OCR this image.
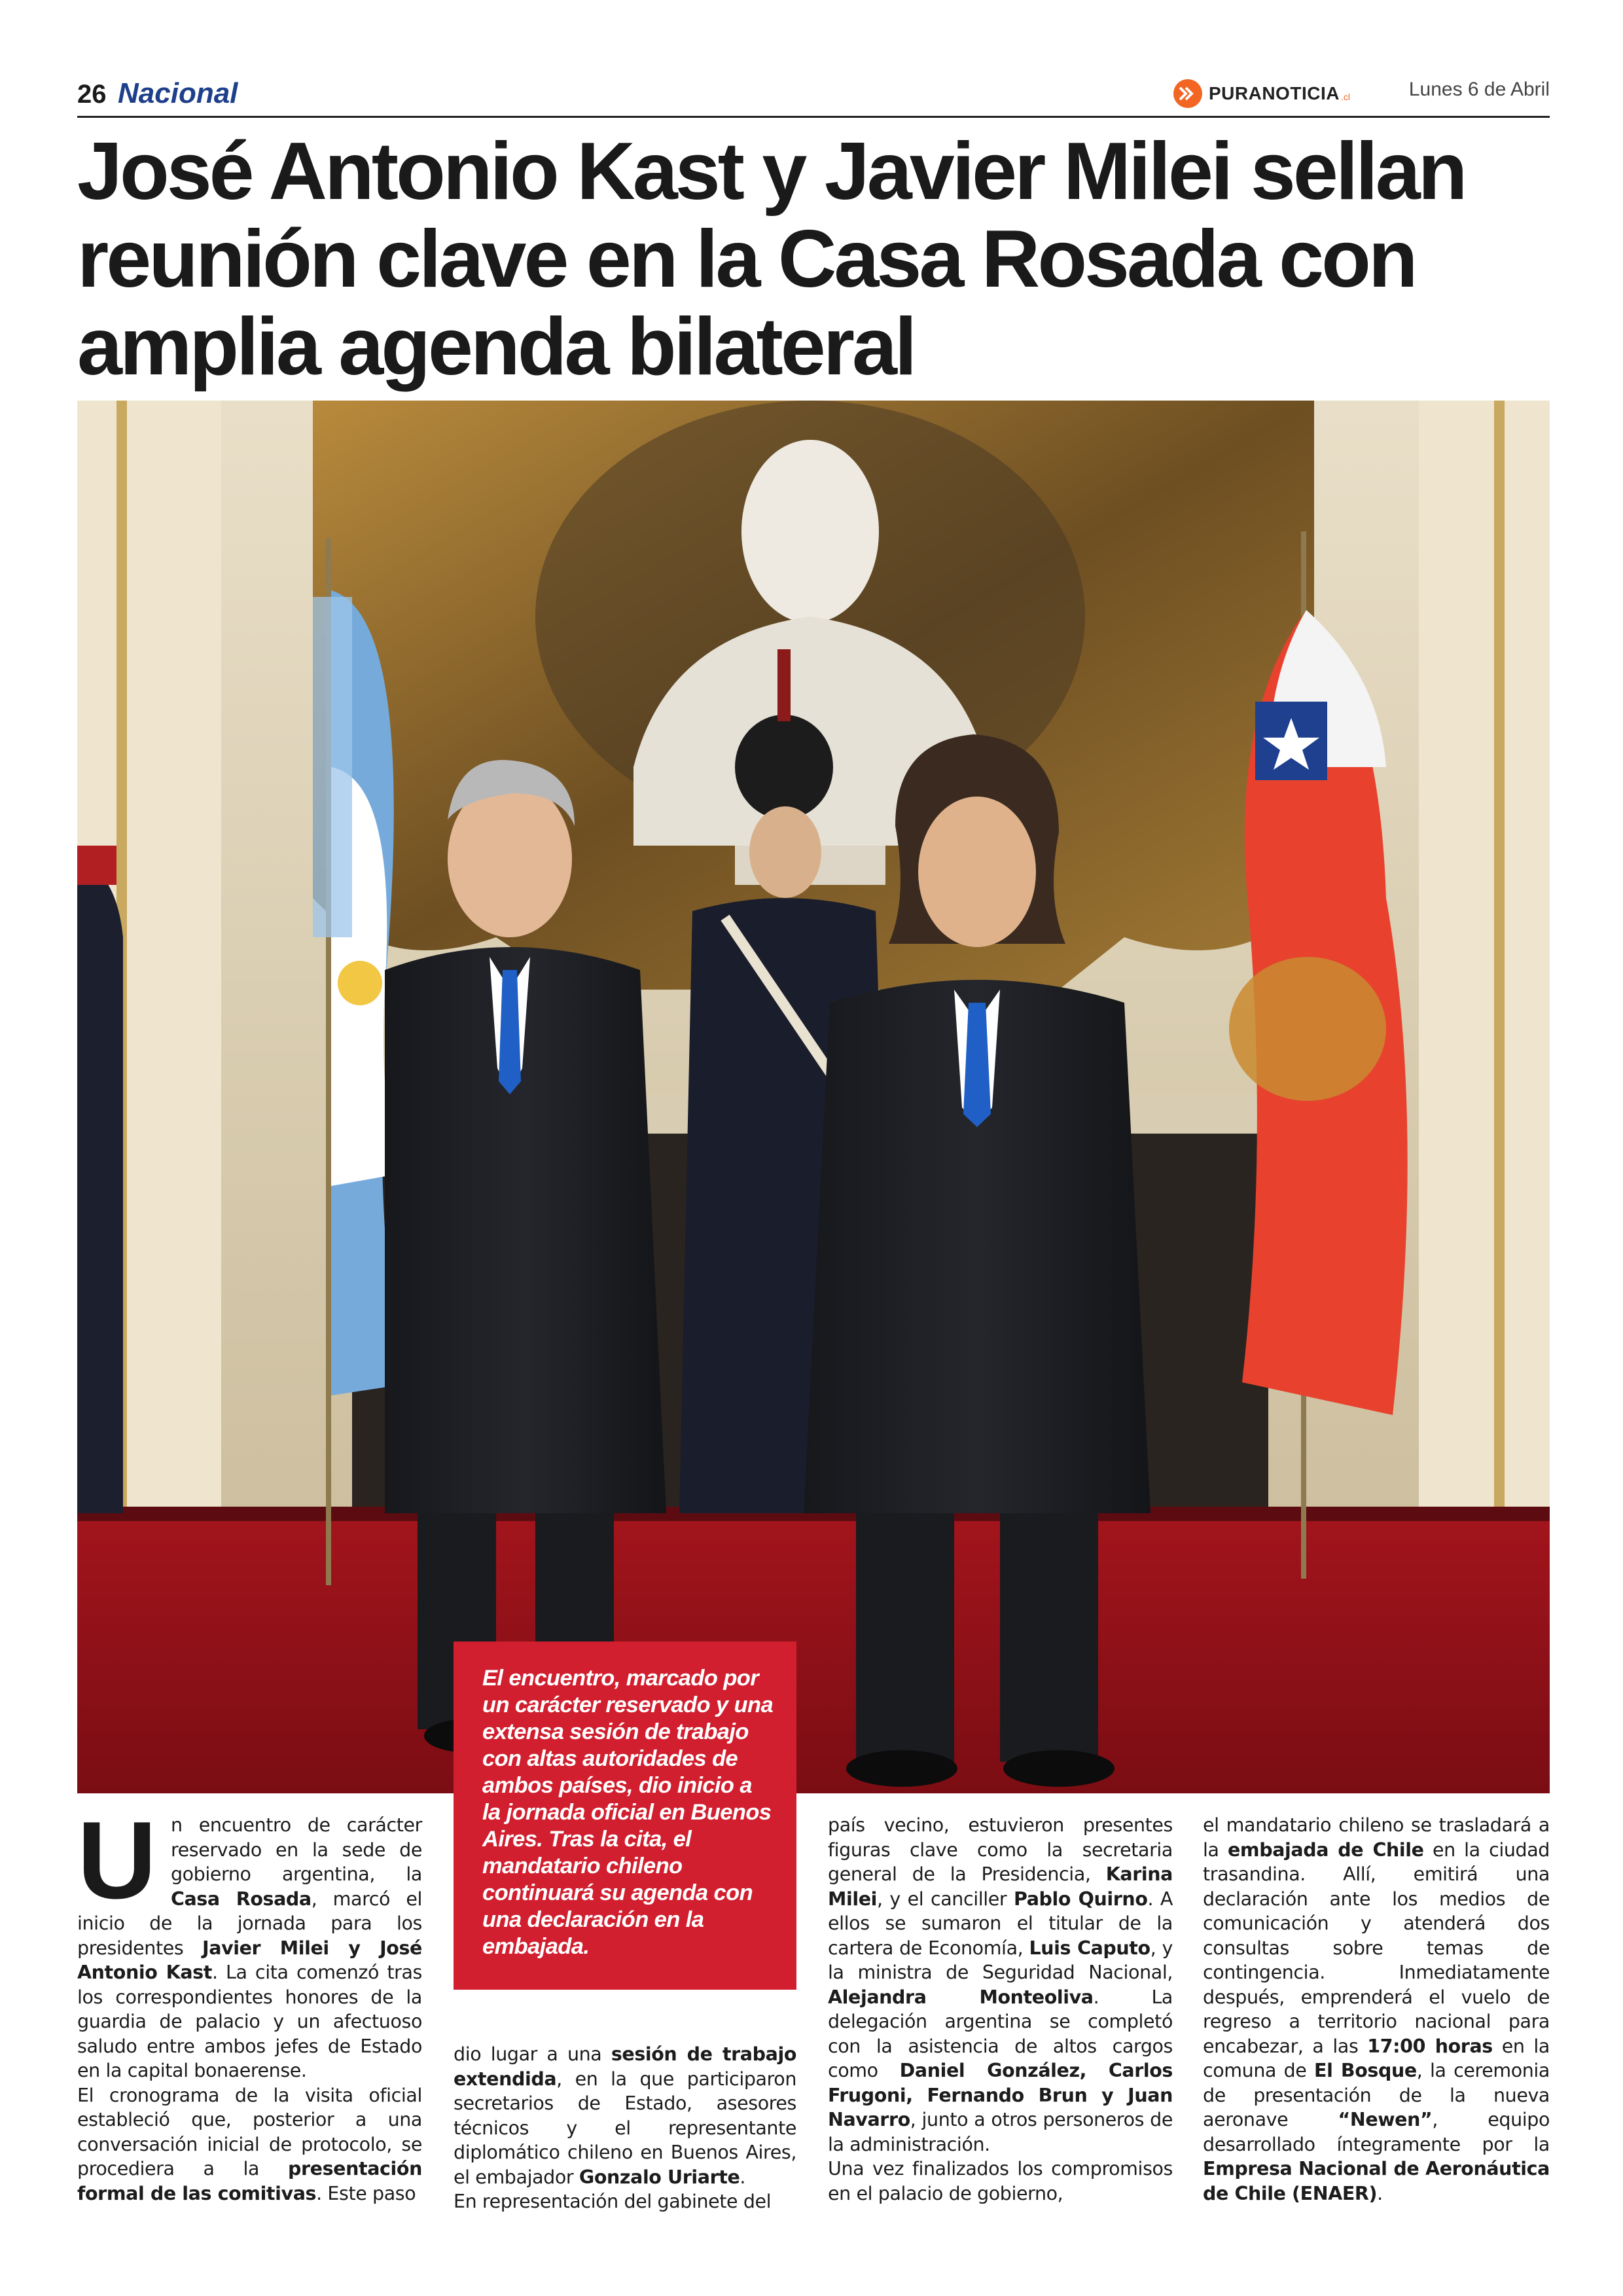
26 Nacional	PURANOTICIA .cl	Lunes 6 de Abril
José Antonio Kast y Javier Milei sellan reunión clave en la Casa Rosada con amplia agenda bilateral

El encuentro, marcado por un carácter reservado y una extensa sesión de trabajo con altas autoridades de ambos países, dio inicio a la jornada oficial en Buenos Aires. Tras la cita, el mandatario chileno continuará su agenda con una declaración en la embajada.

U n encuentro de carácter reservado en la sede de gobierno argentina, la Casa Rosada, marcó el inicio de la jornada para los presidentes Javier Milei y José Antonio Kast. La cita comenzó tras los correspondientes honores de la guardia de palacio y un afectuoso saludo entre ambos jefes de Estado en la capital bonaerense.

El cronograma de la visita oficial estableció que, posterior a una conversación inicial de protocolo, se procediera a la presentación formal de las comitivas. Este paso

dio lugar a una sesión de trabajo extendida, en la que participaron secretarios de Estado, asesores técnicos y el representante diplomático chileno en Buenos Aires, el embajador Gonzalo Uriarte.

En representación del gabinete del

país vecino, estuvieron presentes figuras clave como la secretaria general de la Presidencia, Karina Milei, y el canciller Pablo Quirno. A ellos se sumaron el titular de la cartera de Economía, Luis Caputo, y la ministra de Seguridad Nacional, Alejandra Monteoliva. La delegación argentina se completó con la asistencia de altos cargos como Daniel González, Carlos Frugoni, Fernando Brun y Juan Navarro, junto a otros personeros de la administración.

Una vez finalizados los compromisos en el palacio de gobierno,

el mandatario chileno se trasladará a la embajada de Chile en la ciudad trasandina. Allí, emitirá una declaración ante los medios de comunicación y atenderá dos consultas sobre temas de contingencia. Inmediatamente después, emprenderá el vuelo de regreso a territorio nacional para encabezar, a las 17:00 horas en la comuna de El Bosque, la ceremonia de presentación de la nueva aeronave “Newen”, equipo desarrollado íntegramente por la Empresa Nacional de Aeronáutica de Chile (ENAER).
